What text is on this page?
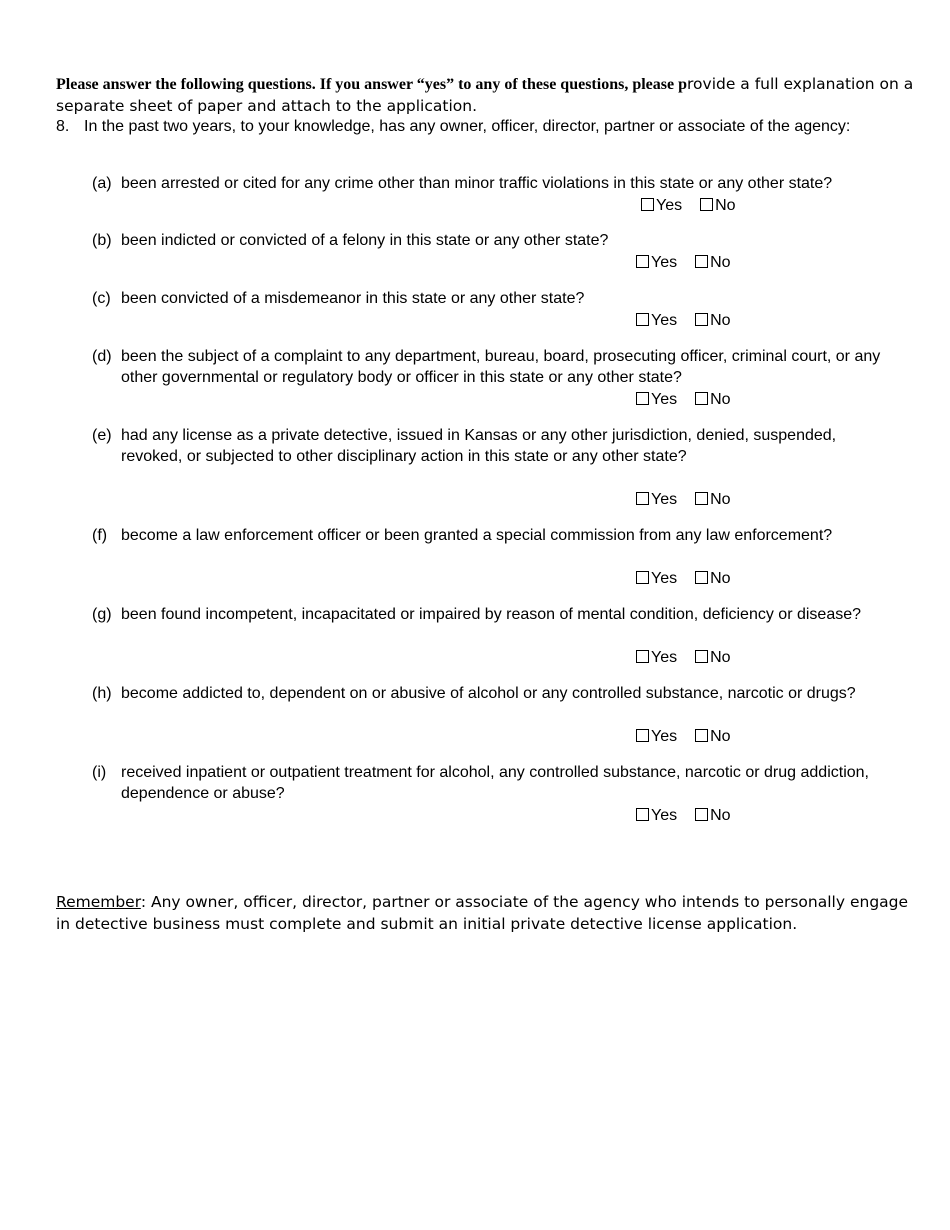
Please answer the following questions. If you answer “yes” to any of these questions, please provide a full explanation on a separate sheet of paper and attach to the application.
8. In the past two years, to your knowledge, has any owner, officer, director, partner or associate of the agency:
(a) been arrested or cited for any crime other than minor traffic violations in this state or any other state?
Yes No
(b) been indicted or convicted of a felony in this state or any other state?
Yes No
(c) been convicted of a misdemeanor in this state or any other state?
Yes No
(d) been the subject of a complaint to any department, bureau, board, prosecuting officer, criminal court, or any other governmental or regulatory body or officer in this state or any other state?
Yes No
(e) had any license as a private detective, issued in Kansas or any other jurisdiction, denied, suspended, revoked, or subjected to other disciplinary action in this state or any other state?
Yes No
(f) become a law enforcement officer or been granted a special commission from any law enforcement?
Yes No
(g) been found incompetent, incapacitated or impaired by reason of mental condition, deficiency or disease?
Yes No
(h) become addicted to, dependent on or abusive of alcohol or any controlled substance, narcotic or drugs?
Yes No
(i) received inpatient or outpatient treatment for alcohol, any controlled substance, narcotic or drug addiction, dependence or abuse?
Yes No
Remember: Any owner, officer, director, partner or associate of the agency who intends to personally engage in detective business must complete and submit an initial private detective license application.
